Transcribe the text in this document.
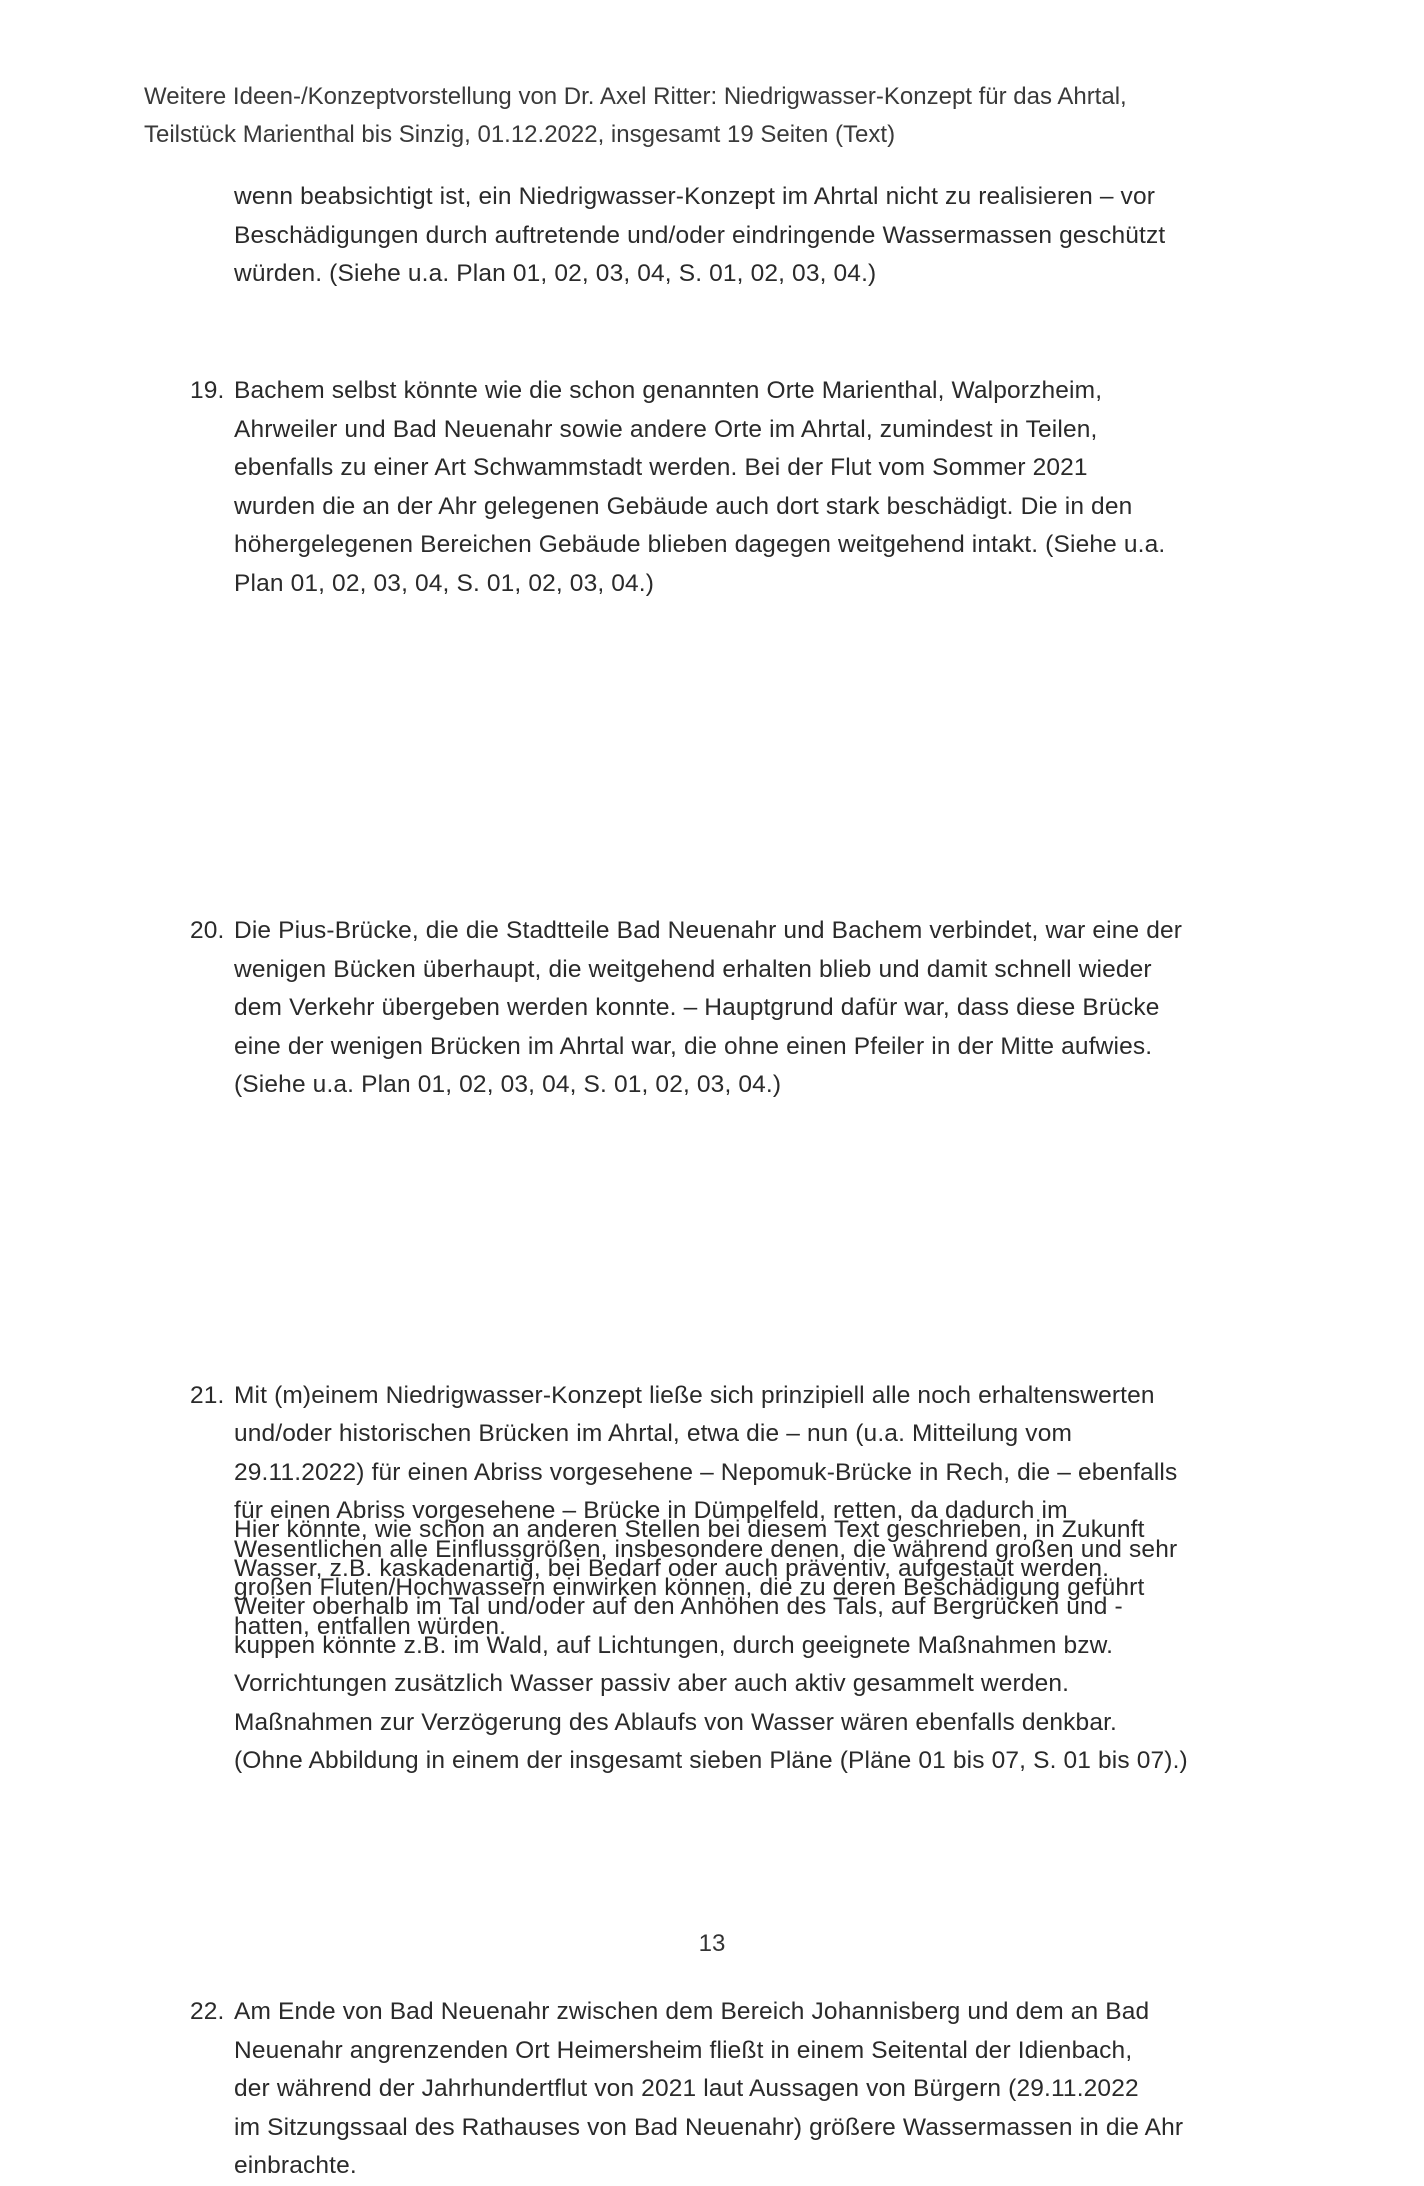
Weitere Ideen-/Konzeptvorstellung von Dr. Axel Ritter: Niedrigwasser-Konzept für das Ahrtal,
Teilstück Marienthal bis Sinzig, 01.12.2022, insgesamt 19 Seiten (Text)
wenn beabsichtigt ist, ein Niedrigwasser-Konzept im Ahrtal nicht zu realisieren – vor
Beschädigungen durch auftretende und/oder eindringende Wassermassen geschützt
würden. (Siehe u.a. Plan 01, 02, 03, 04, S. 01, 02, 03, 04.)
19. Bachem selbst könnte wie die schon genannten Orte Marienthal, Walporzheim,
Ahrweiler und Bad Neuenahr sowie andere Orte im Ahrtal, zumindest in Teilen,
ebenfalls zu einer Art Schwammstadt werden. Bei der Flut vom Sommer 2021
wurden die an der Ahr gelegenen Gebäude auch dort stark beschädigt. Die in den
höhergelegenen Bereichen Gebäude blieben dagegen weitgehend intakt. (Siehe u.a.
Plan 01, 02, 03, 04, S. 01, 02, 03, 04.)
20. Die Pius-Brücke, die die Stadtteile Bad Neuenahr und Bachem verbindet, war eine der
wenigen Bücken überhaupt, die weitgehend erhalten blieb und damit schnell wieder
dem Verkehr übergeben werden konnte. – Hauptgrund dafür war, dass diese Brücke
eine der wenigen Brücken im Ahrtal war, die ohne einen Pfeiler in der Mitte aufwies.
(Siehe u.a. Plan 01, 02, 03, 04, S. 01, 02, 03, 04.)
21. Mit (m)einem Niedrigwasser-Konzept ließe sich prinzipiell alle noch erhaltenswerten
und/oder historischen Brücken im Ahrtal, etwa die – nun (u.a. Mitteilung vom
29.11.2022) für einen Abriss vorgesehene – Nepomuk-Brücke in Rech, die – ebenfalls
für einen Abriss vorgesehene – Brücke in Dümpelfeld, retten, da dadurch im
Wesentlichen alle Einflussgrößen, insbesondere denen, die während großen und sehr
großen Fluten/Hochwassern einwirken können, die zu deren Beschädigung geführt
hatten, entfallen würden.
22. Am Ende von Bad Neuenahr zwischen dem Bereich Johannisberg und dem an Bad
Neuenahr angrenzenden Ort Heimersheim fließt in einem Seitental der Idienbach,
der während der Jahrhundertflut von 2021 laut Aussagen von Bürgern (29.11.2022
im Sitzungssaal des Rathauses von Bad Neuenahr) größere Wassermassen in die Ahr
einbrachte.
Hier könnte, wie schon an anderen Stellen bei diesem Text geschrieben, in Zukunft
Wasser, z.B. kaskadenartig, bei Bedarf oder auch präventiv, aufgestaut werden.
Weiter oberhalb im Tal und/oder auf den Anhöhen des Tals, auf Bergrücken und -
kuppen könnte z.B. im Wald, auf Lichtungen, durch geeignete Maßnahmen bzw.
Vorrichtungen zusätzlich Wasser passiv aber auch aktiv gesammelt werden.
Maßnahmen zur Verzögerung des Ablaufs von Wasser wären ebenfalls denkbar.
(Ohne Abbildung in einem der insgesamt sieben Pläne (Pläne 01 bis 07, S. 01 bis 07).)
13
